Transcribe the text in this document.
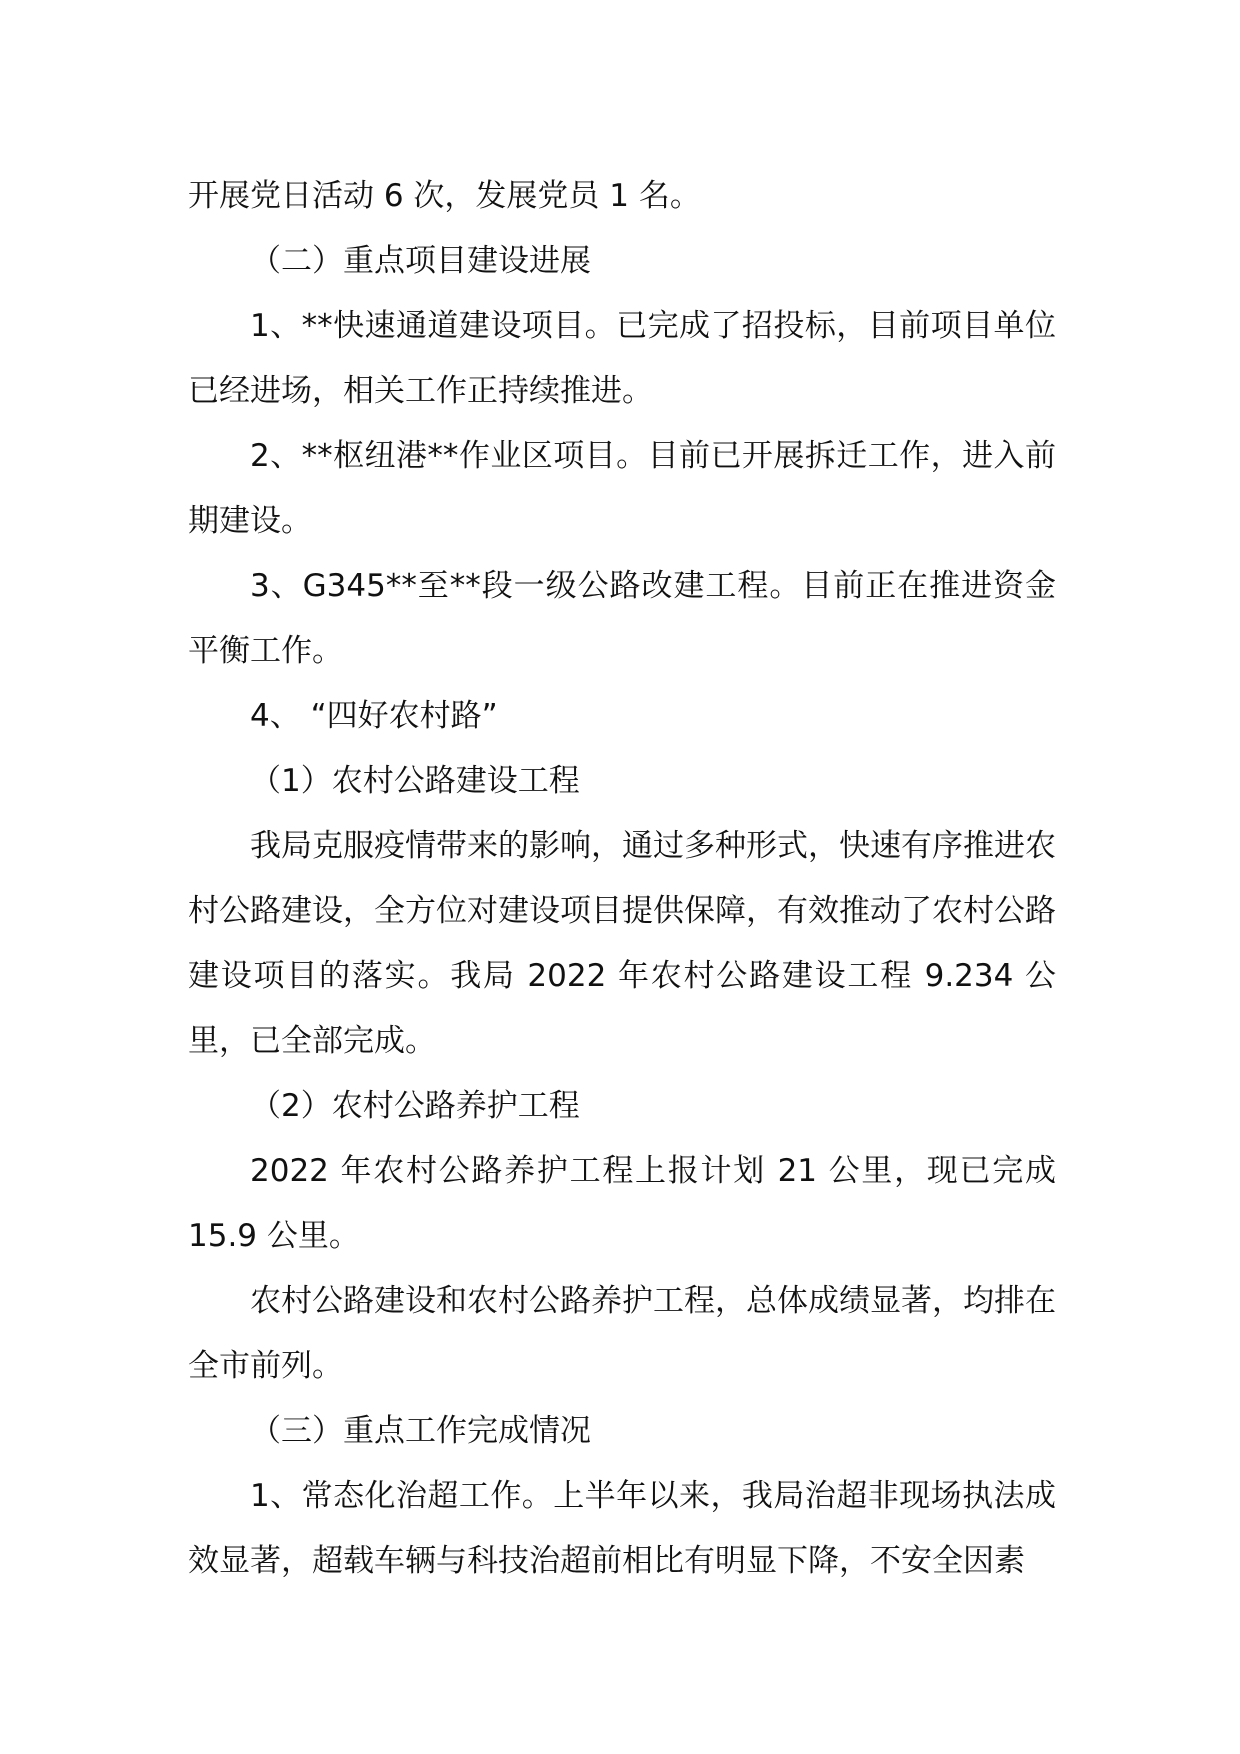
开展党日活动 6 次，发展党员 1 名。

（二）重点项目建设进展

1、**快速通道建设项目。已完成了招投标，目前项目单位已经进场，相关工作正持续推进。

2、**枢纽港**作业区项目。目前已开展拆迁工作，进入前期建设。

3、G345**至**段一级公路改建工程。目前正在推进资金平衡工作。

4、 “四好农村路”

（1）农村公路建设工程

我局克服疫情带来的影响，通过多种形式，快速有序推进农村公路建设，全方位对建设项目提供保障，有效推动了农村公路建设项目的落实。我局 2022 年农村公路建设工程 9.234 公里，已全部完成。

（2）农村公路养护工程

2022 年农村公路养护工程上报计划 21 公里，现已完成 15.9 公里。

农村公路建设和农村公路养护工程，总体成绩显著，均排在全市前列。

（三）重点工作完成情况

1、常态化治超工作。上半年以来，我局治超非现场执法成效显著，超载车辆与科技治超前相比有明显下降，不安全因素
